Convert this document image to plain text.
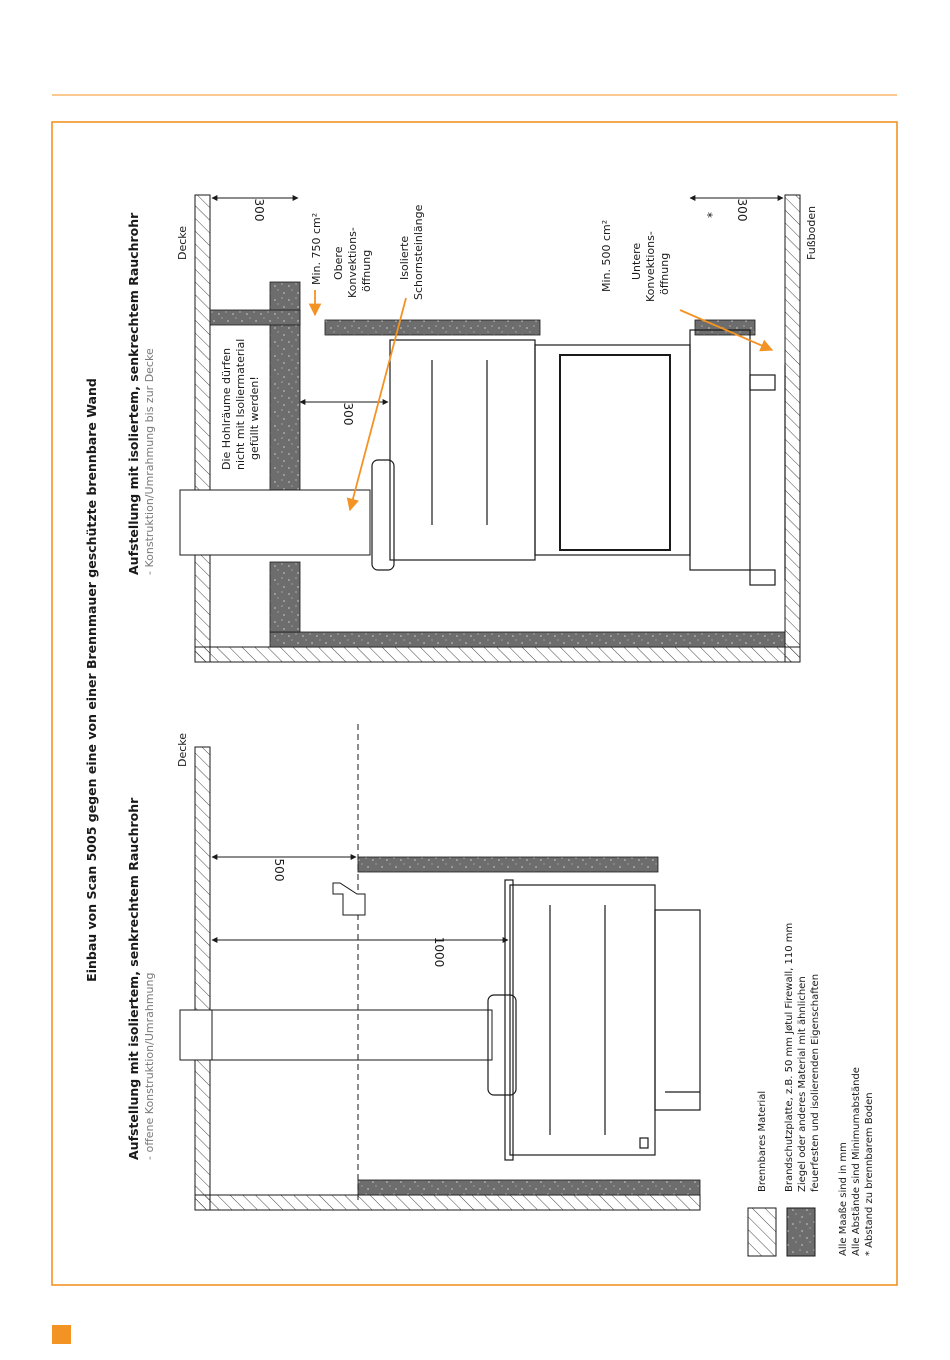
Einbau von Scan 5005 gegen eine von einer Brennmauer geschützte brennbare Wand Aufstellung mit isoliertem, senkrechtem Rauchrohr - offene Konstruktion/Umrahmung
Decke
500
1000
Aufstellung mit isoliertem, senkrechtem Rauchrohr - Konstruktion/Umrahmung bis zur Decke
Decke	Fußboden
300
300
300
*
Die Hohlräume dürfen nicht mit Isoliermaterial gefüllt werden!
Min. 750 cm² Obere Konvektions- öffnung Isolierte Schornsteinlänge	Min. 500 cm² Untere Konvektions- öffnung
Brennbares Material Brandschutzplatte, z.B. 50 mm Jøtul Firewall, 110 mm Ziegel oder anderes Material mit ähnlichen feuerfesten und isolierenden Eigenschaften
Alle Maaße sind in mm Alle Abstände sind Minimumabstände * Abstand zu brennbarem Boden
